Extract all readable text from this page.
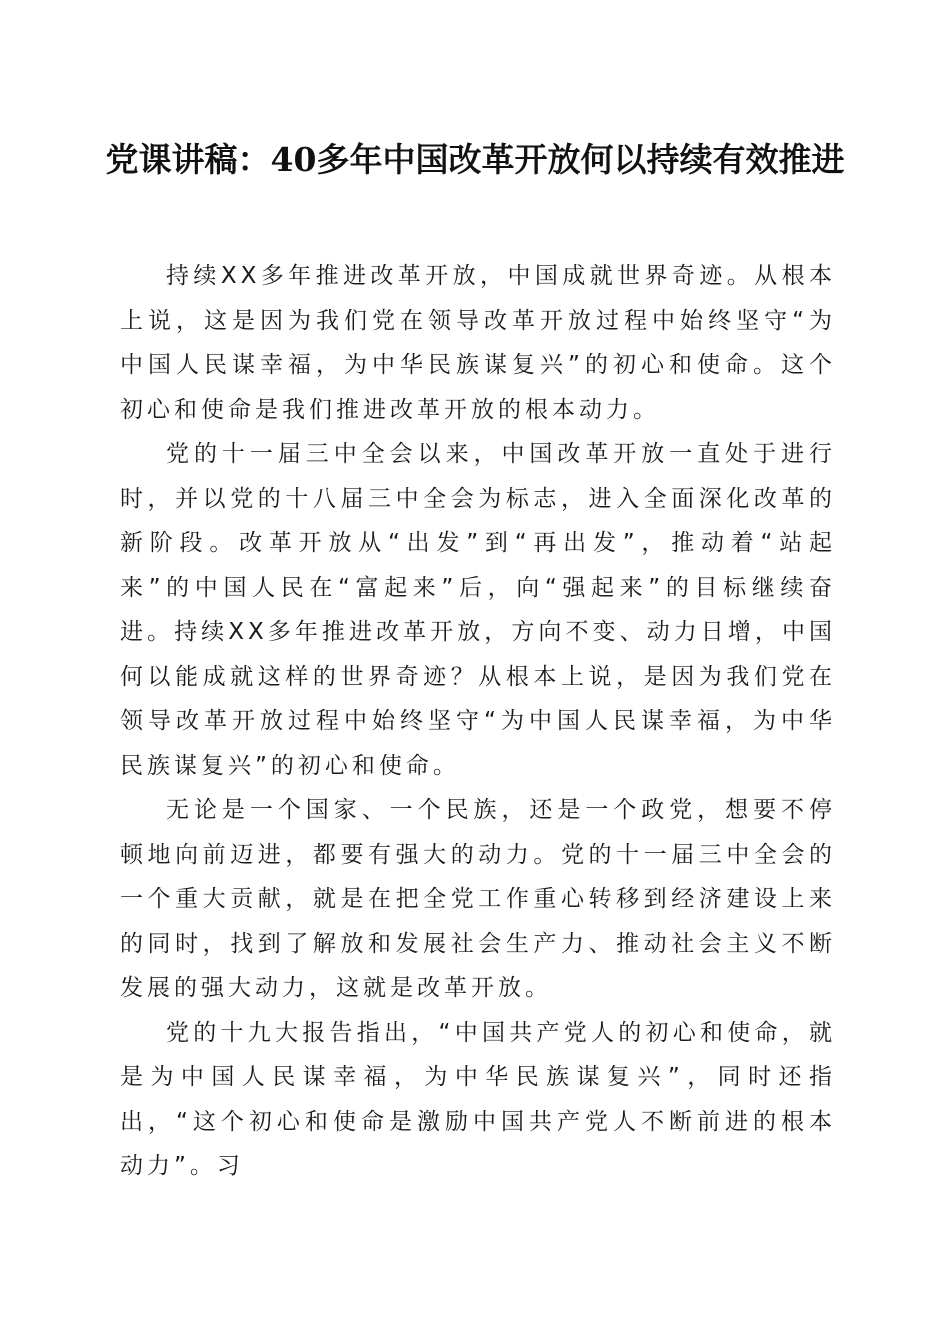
党课讲稿：40多年中国改革开放何以持续有效推进

持续XX多年推进改革开放，中国成就世界奇迹。从根本上说，这是因为我们党在领导改革开放过程中始终坚守“为中国人民谋幸福，为中华民族谋复兴”的初心和使命。这个初心和使命是我们推进改革开放的根本动力。

党的十一届三中全会以来，中国改革开放一直处于进行时，并以党的十八届三中全会为标志，进入全面深化改革的新阶段。改革开放从“出发”到“再出发”，推动着“站起来”的中国人民在“富起来”后，向“强起来”的目标继续奋进。持续XX多年推进改革开放，方向不变、动力日增，中国何以能成就这样的世界奇迹？从根本上说，是因为我们党在领导改革开放过程中始终坚守“为中国人民谋幸福，为中华民族谋复兴”的初心和使命。

无论是一个国家、一个民族，还是一个政党，想要不停顿地向前迈进，都要有强大的动力。党的十一届三中全会的一个重大贡献，就是在把全党工作重心转移到经济建设上来的同时，找到了解放和发展社会生产力、推动社会主义不断发展的强大动力，这就是改革开放。

党的十九大报告指出，“中国共产党人的初心和使命，就是为中国人民谋幸福，为中华民族谋复兴”，同时还指出，“这个初心和使命是激励中国共产党人不断前进的根本动力”。习
